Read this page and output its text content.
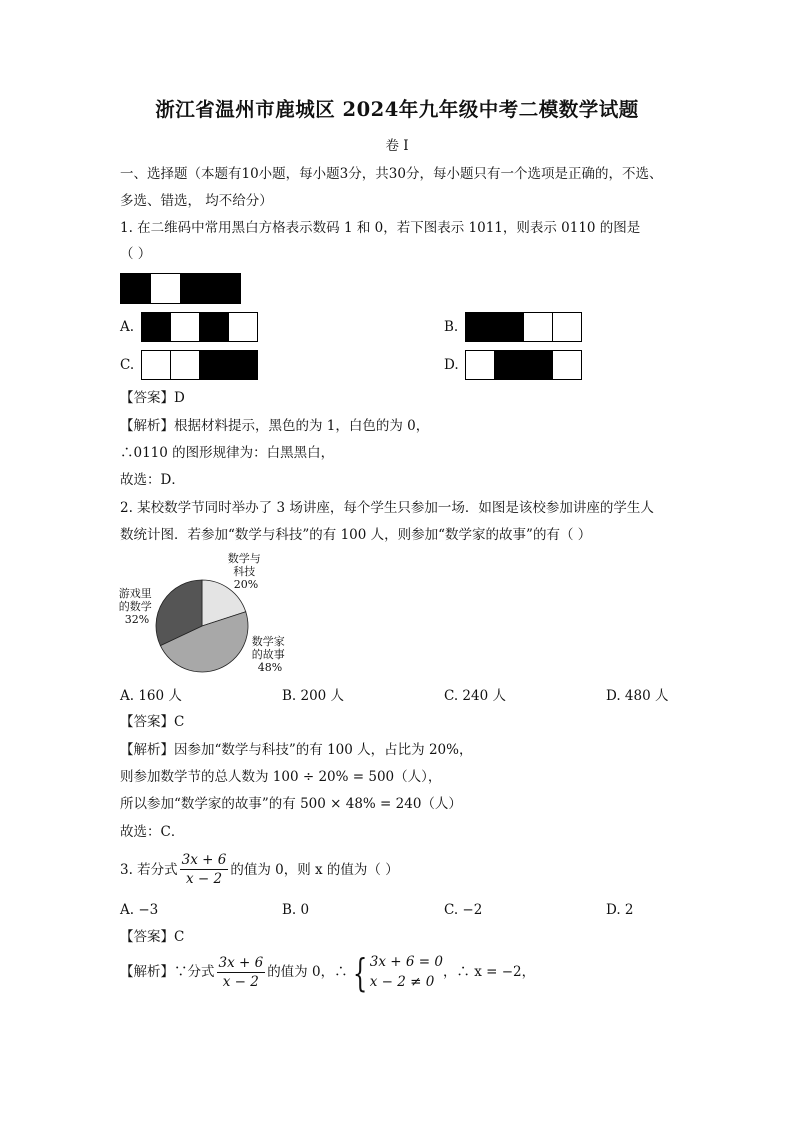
浙江省温州市鹿城区 2024年九年级中考二模数学试题
卷 I
一、选择题（本题有10小题，每小题3分，共30分，每小题只有一个选项是正确的，不选、
多选、错选， 均不给分）
1. 在二维码中常用黑白方格表示数码 1 和 0，若下图表示 1011，则表示 0110 的图是
（ ）
A.	B.
C.	D.
【答案】D
【解析】根据材料提示，黑色的为 1，白色的为 0，
∴0110 的图形规律为：白黑黑白，
故选：D．
2. 某校数学节同时举办了 3 场讲座，每个学生只参加一场．如图是该校参加讲座的学生人
数统计图．若参加“数学与科技”的有 100 人，则参加“数学家的故事”的有（ ）
数学与 科技 20%
游戏里 的数学 32%
数学家 的故事 48%
A. 160 人	B. 200 人	C. 240 人	D. 480 人
【答案】C
【解析】因参加“数学与科技”的有 100 人，占比为 20%，
则参加数学节的总人数为 100 ÷ 20% = 500（人），
所以参加“数学家的故事”的有 500 × 48% = 240（人）
故选：C．
3. 若分式 $\frac{3x + 6}{x - 2}$ 的值为 0，则 x 的值为（ ）
A. −3	B. 0	C. −2	D. 2
【答案】C
【解析】∵分式 $\frac{3x + 6}{x - 2}$ 的值为 0，∴ { 3x + 6 = 0
x − 2 ≠ 0
，∴ x = −2，
